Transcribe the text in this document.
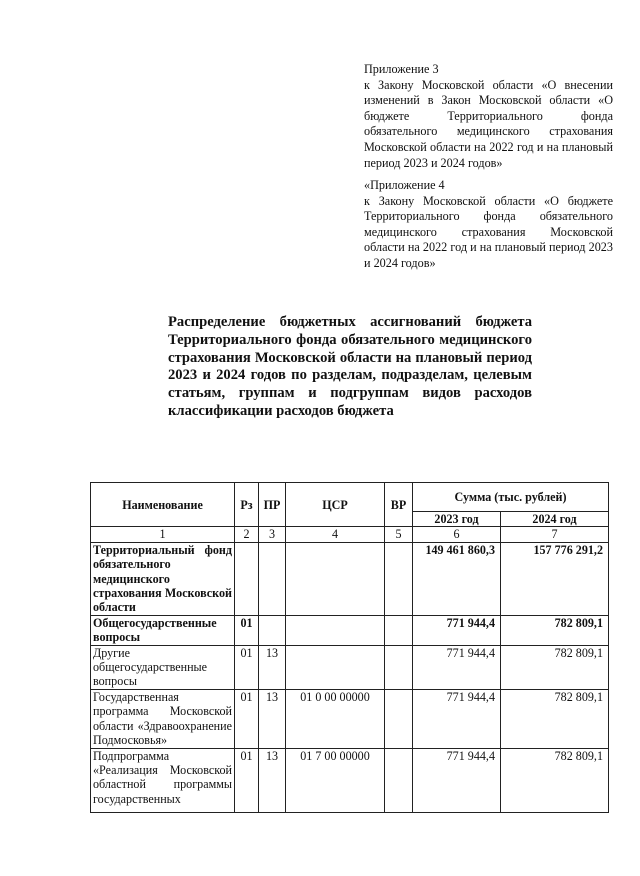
Приложение 3

к Закону Московской области «О внесении изменений в Закон Московской области «О бюджете Территориального фонда обязательного медицинского страхования Московской области на 2022 год и на плановый период 2023 и 2024 годов»

«Приложение 4

к Закону Московской области «О бюджете Территориального фонда обязательного медицинского страхования Московской области на 2022 год и на плановый период 2023 и 2024 годов»

Распределение бюджетных ассигнований бюджета Территориального фонда обязательного медицинского страхования Московской области на плановый период 2023 и 2024 годов по разделам, подразделам, целевым статьям, группам и подгруппам видов расходов классификации расходов бюджета

Наименование	Рз	ПР	ЦСР	ВР	Сумма (тыс. рублей)	
					2023 год	2024 год
1	2	3	4	5	6	7
Территориальный фонд обязательного медицинского страхования Московской области					149 461 860,3	157 776 291,2
Общегосударственные вопросы	01				771 944,4	782 809,1
Другие общегосударственные вопросы	01	13			771 944,4	782 809,1
Государственная программа Московской области «Здравоохранение Подмосковья»	01	13	01 0 00 00000		771 944,4	782 809,1

Подпрограмма «Реализация Московской областной программы государственных	01	13	01 7 00 00000		771 944,4	782 809,1
